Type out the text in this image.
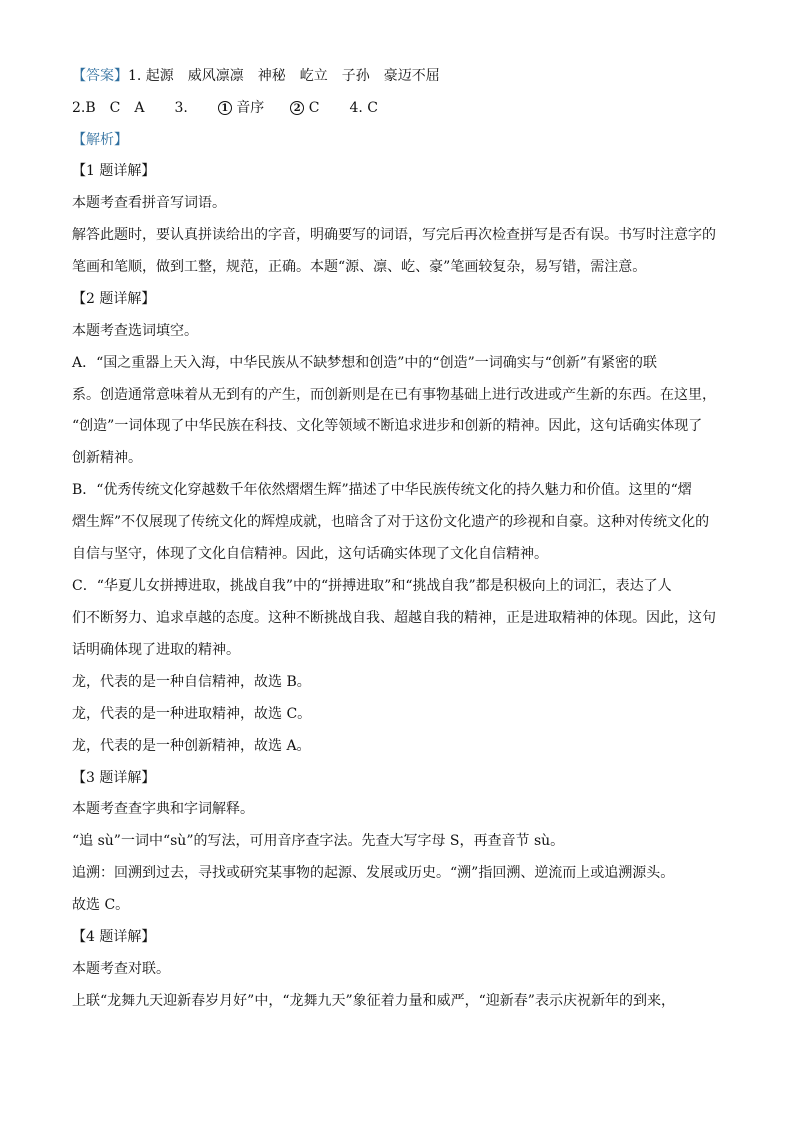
【答案】1. 起源　威风凛凛　神秘　屹立　子孙　豪迈不屈
2.B　C　A 3.	1 音序	2 C 4. C
【解析】
【1 题详解】
本题考查看拼音写词语。
解答此题时，要认真拼读给出的字音，明确要写的词语，写完后再次检查拼写是否有误。书写时注意字的
笔画和笔顺，做到工整，规范，正确。本题“源、凛、屹、豪”笔画较复杂，易写错，需注意。
【2 题详解】
本题考查选词填空。
A．“国之重器上天入海，中华民族从不缺梦想和创造”中的“创造”一词确实与“创新”有紧密的联
系。创造通常意味着从无到有的产生，而创新则是在已有事物基础上进行改进或产生新的东西。在这里，
“创造”一词体现了中华民族在科技、文化等领域不断追求进步和创新的精神。因此，这句话确实体现了
创新精神。
B．“优秀传统文化穿越数千年依然熠熠生辉”描述了中华民族传统文化的持久魅力和价值。这里的“熠
熠生辉”不仅展现了传统文化的辉煌成就，也暗含了对于这份文化遗产的珍视和自豪。这种对传统文化的
自信与坚守，体现了文化自信精神。因此，这句话确实体现了文化自信精神。
C．“华夏儿女拼搏进取，挑战自我”中的“拼搏进取”和“挑战自我”都是积极向上的词汇，表达了人
们不断努力、追求卓越的态度。这种不断挑战自我、超越自我的精神，正是进取精神的体现。因此，这句
话明确体现了进取的精神。
龙，代表的是一种自信精神，故选 B。
龙，代表的是一种进取精神，故选 C。
龙，代表的是一种创新精神，故选 A。
【3 题详解】
本题考查查字典和字词解释。
“追 sù”一词中“sù”的写法，可用音序查字法。先查大写字母 S，再查音节 sù。
追溯：回溯到过去，寻找或研究某事物的起源、发展或历史。“溯”指回溯、逆流而上或追溯源头。
故选 C。
【4 题详解】
本题考查对联。
上联“龙舞九天迎新春岁月好”中，“龙舞九天”象征着力量和威严，“迎新春”表示庆祝新年的到来，
